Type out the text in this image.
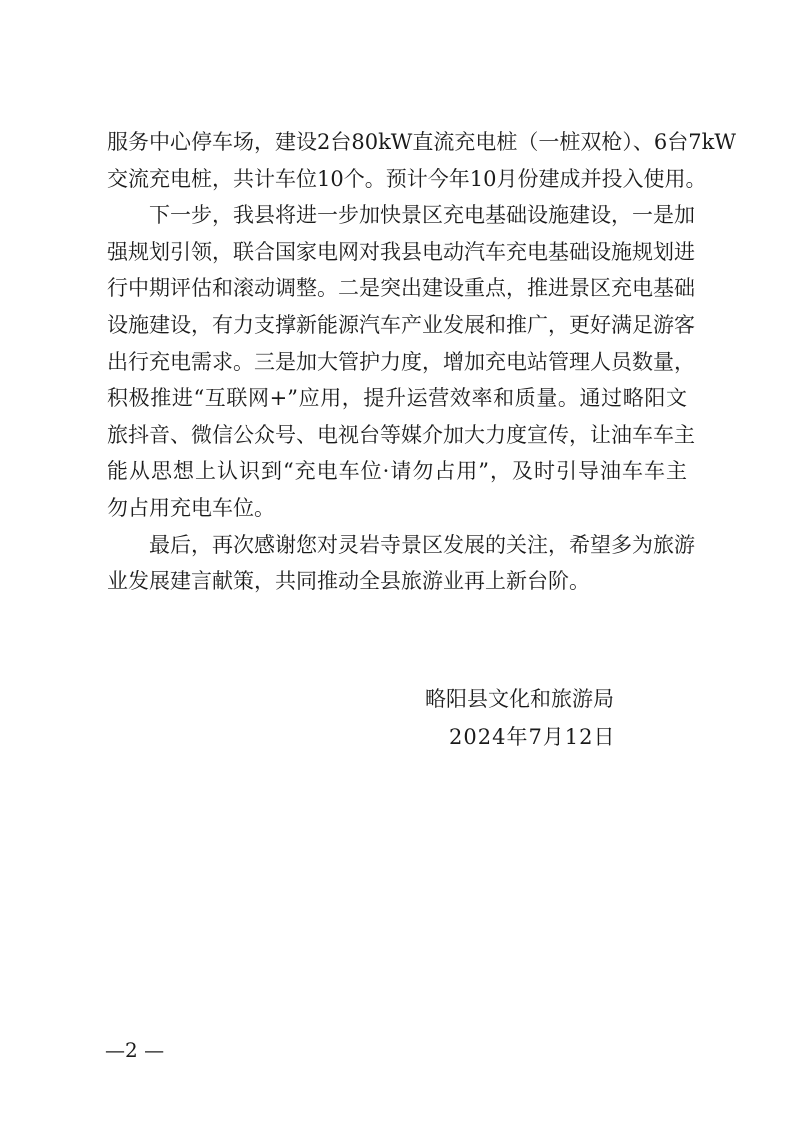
服务中心停车场，建设2台80kW直流充电桩（一桩双枪）、6台7kW
交流充电桩，共计车位10个。预计今年10月份建成并投入使用。

下一步，我县将进一步加快景区充电基础设施建设，一是加
强规划引领，联合国家电网对我县电动汽车充电基础设施规划进
行中期评估和滚动调整。二是突出建设重点，推进景区充电基础
设施建设，有力支撑新能源汽车产业发展和推广，更好满足游客
出行充电需求。三是加大管护力度，增加充电站管理人员数量，
积极推进“互联网+”应用，提升运营效率和质量。通过略阳文
旅抖音、微信公众号、电视台等媒介加大力度宣传，让油车车主
能从思想上认识到“充电车位·请勿占用”，及时引导油车车主
勿占用充电车位。

最后，再次感谢您对灵岩寺景区发展的关注，希望多为旅游
业发展建言献策，共同推动全县旅游业再上新台阶。

略阳县文化和旅游局
2024年7月12日
—2 —
